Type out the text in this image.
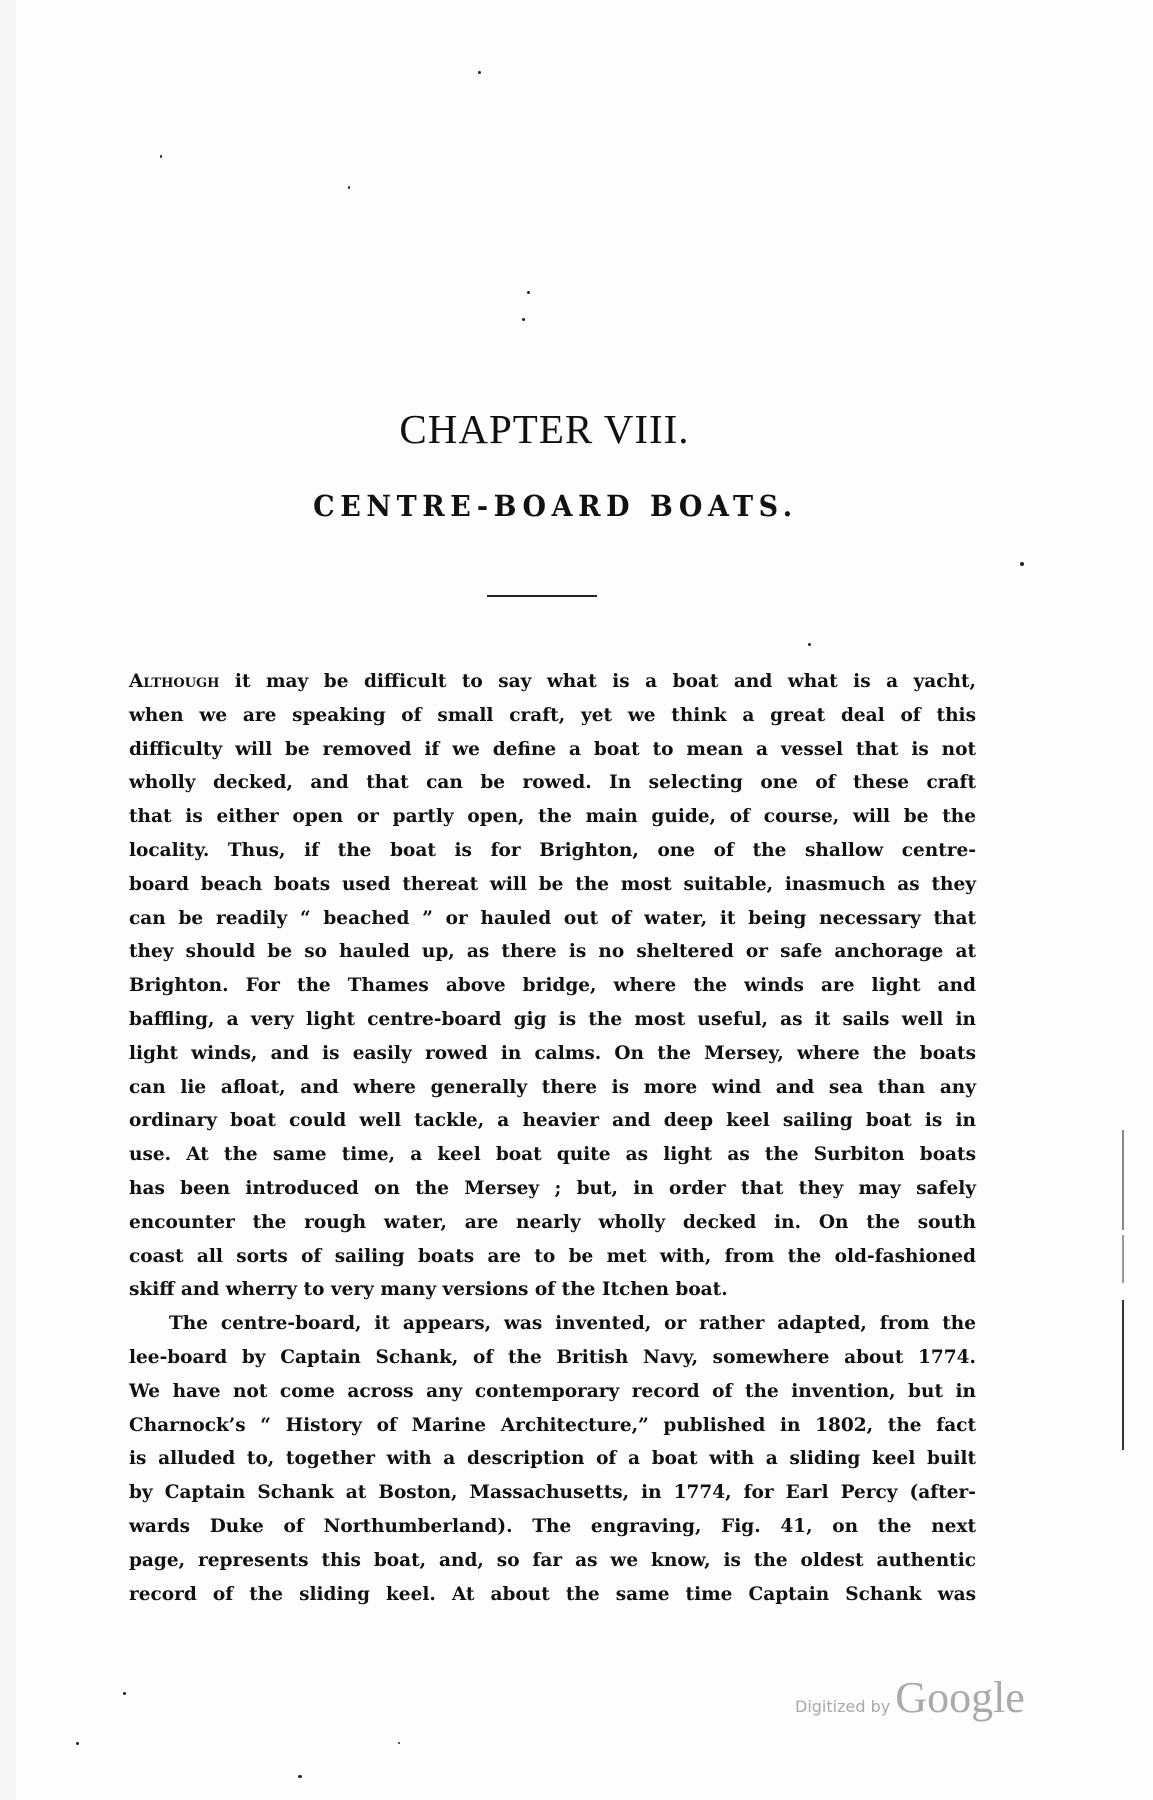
CHAPTER VIII.
CENTRE-BOARD BOATS.
Although it may be difficult to say what is a boat and what is a yacht,
when we are speaking of small craft, yet we think a great deal of this
difficulty will be removed if we define a boat to mean a vessel that is not
wholly decked, and that can be rowed. In selecting one of these craft
that is either open or partly open, the main guide, of course, will be the
locality. Thus, if the boat is for Brighton, one of the shallow centre-
board beach boats used thereat will be the most suitable, inasmuch as they
can be readily “ beached ” or hauled out of water, it being necessary that
they should be so hauled up, as there is no sheltered or safe anchorage at
Brighton. For the Thames above bridge, where the winds are light and
baffling, a very light centre-board gig is the most useful, as it sails well in
light winds, and is easily rowed in calms. On the Mersey, where the boats
can lie afloat, and where generally there is more wind and sea than any
ordinary boat could well tackle, a heavier and deep keel sailing boat is in
use. At the same time, a keel boat quite as light as the Surbiton boats
has been introduced on the Mersey ; but, in order that they may safely
encounter the rough water, are nearly wholly decked in. On the south
coast all sorts of sailing boats are to be met with, from the old-fashioned
skiff and wherry to very many versions of the Itchen boat.
The centre-board, it appears, was invented, or rather adapted, from the
lee-board by Captain Schank, of the British Navy, somewhere about 1774.
We have not come across any contemporary record of the invention, but in
Charnock’s “ History of Marine Architecture,” published in 1802, the fact
is alluded to, together with a description of a boat with a sliding keel built
by Captain Schank at Boston, Massachusetts, in 1774, for Earl Percy (after-
wards Duke of Northumberland). The engraving, Fig. 41, on the next
page, represents this boat, and, so far as we know, is the oldest authentic
record of the sliding keel. At about the same time Captain Schank was
Digitized by Google
